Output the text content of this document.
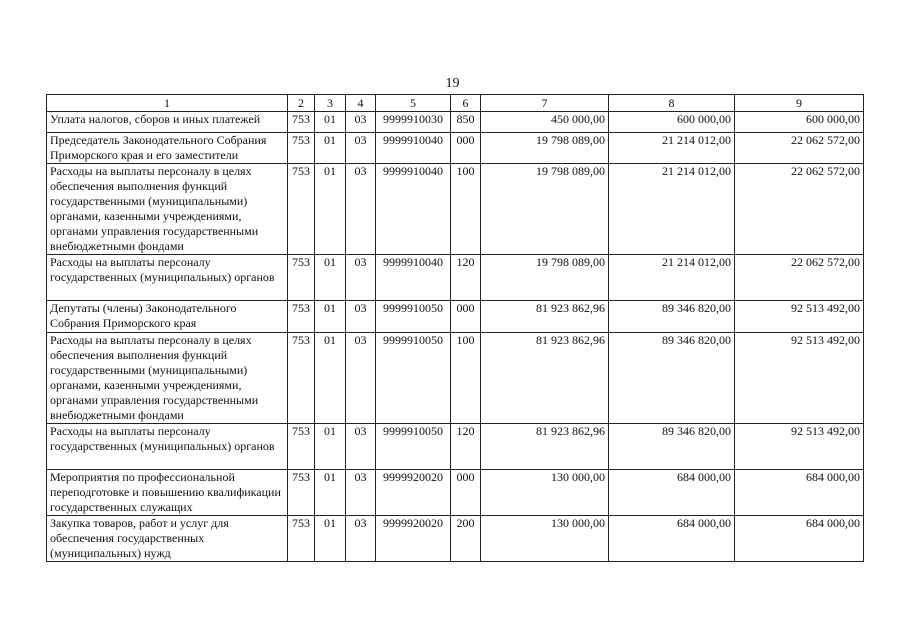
19
1	2	3	4	5	6	7	8	9
Уплата налогов, сборов и иных платежей	753	01	03	9999910030	850	450 000,00	600 000,00	600 000,00
Председатель Законодательного Собрания Приморского края и его заместители	753	01	03	9999910040	000	19 798 089,00	21 214 012,00	22 062 572,00
Расходы на выплаты персоналу в целях обеспечения выполнения функций государственными (муниципальными) органами, казенными учреждениями, органами управления государственными внебюджетными фондами	753	01	03	9999910040	100	19 798 089,00	21 214 012,00	22 062 572,00
Расходы на выплаты персоналу государственных (муниципальных) органов	753	01	03	9999910040	120	19 798 089,00	21 214 012,00	22 062 572,00
Депутаты (члены) Законодательного Собрания Приморского края	753	01	03	9999910050	000	81 923 862,96	89 346 820,00	92 513 492,00
Расходы на выплаты персоналу в целях обеспечения выполнения функций государственными (муниципальными) органами, казенными учреждениями, органами управления государственными внебюджетными фондами	753	01	03	9999910050	100	81 923 862,96	89 346 820,00	92 513 492,00
Расходы на выплаты персоналу государственных (муниципальных) органов	753	01	03	9999910050	120	81 923 862,96	89 346 820,00	92 513 492,00
Мероприятия по профессиональной переподготовке и повышению квалификации государственных служащих	753	01	03	9999920020	000	130 000,00	684 000,00	684 000,00
Закупка товаров, работ и услуг для обеспечения государственных (муниципальных) нужд	753	01	03	9999920020	200	130 000,00	684 000,00	684 000,00
